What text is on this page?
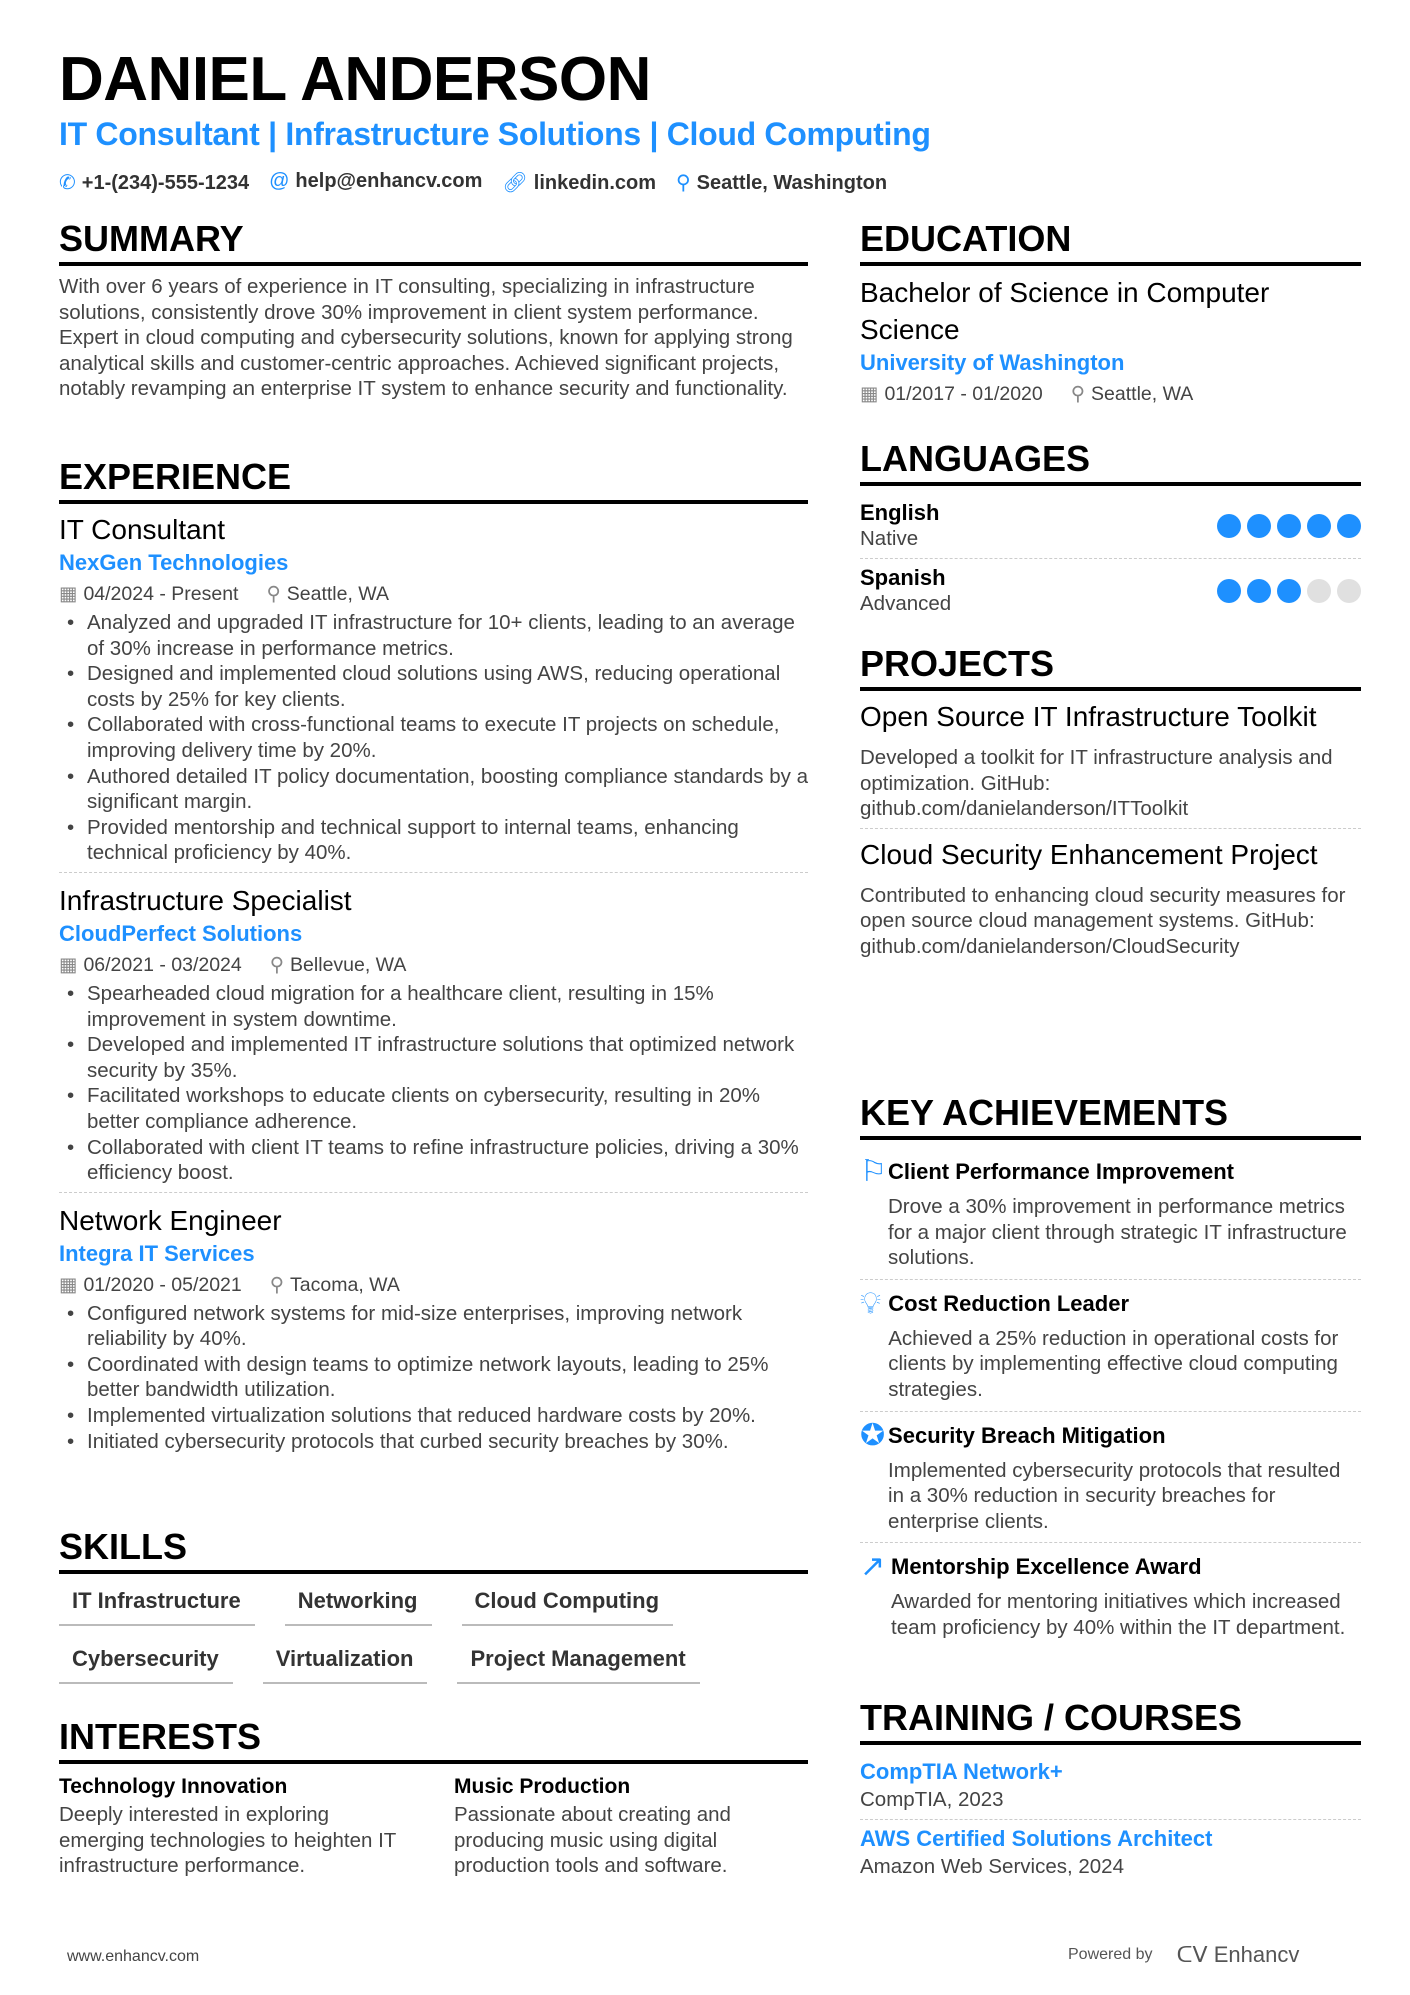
DANIEL ANDERSON
IT Consultant | Infrastructure Solutions | Cloud Computing
✆ +1-(234)-555-1234 @ help@enhancv.com 🔗︎ linkedin.com ⚲ Seattle, Washington
SUMMARY

With over 6 years of experience in IT consulting, specializing in infrastructure solutions, consistently drove 30% improvement in client system performance. Expert in cloud computing and cybersecurity solutions, known for applying strong analytical skills and customer-centric approaches. Achieved significant projects, notably revamping an enterprise IT system to enhance security and functionality.

EXPERIENCE
IT Consultant
NexGen Technologies
▦ 04/2024 - Present ⚲ Seattle, WA
• Analyzed and upgraded IT infrastructure for 10+ clients, leading to an average of 30% increase in performance metrics.
• Designed and implemented cloud solutions using AWS, reducing operational costs by 25% for key clients.
• Collaborated with cross-functional teams to execute IT projects on schedule, improving delivery time by 20%.
• Authored detailed IT policy documentation, boosting compliance standards by a significant margin.
• Provided mentorship and technical support to internal teams, enhancing technical proficiency by 40%.
Infrastructure Specialist
CloudPerfect Solutions
▦ 06/2021 - 03/2024 ⚲ Bellevue, WA
• Spearheaded cloud migration for a healthcare client, resulting in 15% improvement in system downtime.
• Developed and implemented IT infrastructure solutions that optimized network security by 35%.
• Facilitated workshops to educate clients on cybersecurity, resulting in 20% better compliance adherence.
• Collaborated with client IT teams to refine infrastructure policies, driving a 30% efficiency boost.
Network Engineer
Integra IT Services
▦ 01/2020 - 05/2021 ⚲ Tacoma, WA
• Configured network systems for mid-size enterprises, improving network reliability by 40%.
• Coordinated with design teams to optimize network layouts, leading to 25% better bandwidth utilization.
• Implemented virtualization solutions that reduced hardware costs by 20%.
• Initiated cybersecurity protocols that curbed security breaches by 30%.
SKILLS
IT Infrastructure	Networking	Cloud Computing
Cybersecurity	Virtualization	Project Management
INTERESTS
Technology Innovation
Deeply interested in exploring emerging technologies to heighten IT infrastructure performance.
Music Production
Passionate about creating and producing music using digital production tools and software.
EDUCATION
Bachelor of Science in Computer Science
University of Washington
▦ 01/2017 - 01/2020 ⚲ Seattle, WA
LANGUAGES
English
Native
Spanish
Advanced
PROJECTS
Open Source IT Infrastructure Toolkit
Developed a toolkit for IT infrastructure analysis and optimization. GitHub: github.com/danielanderson/ITToolkit
Cloud Security Enhancement Project
Contributed to enhancing cloud security measures for open source cloud management systems. GitHub: github.com/danielanderson/CloudSecurity
KEY ACHIEVEMENTS
⚐ Client Performance Improvement
Drove a 30% improvement in performance metrics for a major client through strategic IT infrastructure solutions.
💡︎ Cost Reduction Leader
Achieved a 25% reduction in operational costs for clients by implementing effective cloud computing strategies.
✪ Security Breach Mitigation
Implemented cybersecurity protocols that resulted in a 30% reduction in security breaches for enterprise clients.
↗ Mentorship Excellence Award
Awarded for mentoring initiatives which increased team proficiency by 40% within the IT department.
TRAINING / COURSES
CompTIA Network+
CompTIA, 2023
AWS Certified Solutions Architect
Amazon Web Services, 2024
www.enhancv.com	Powered by ᑕᐯ Enhancv
